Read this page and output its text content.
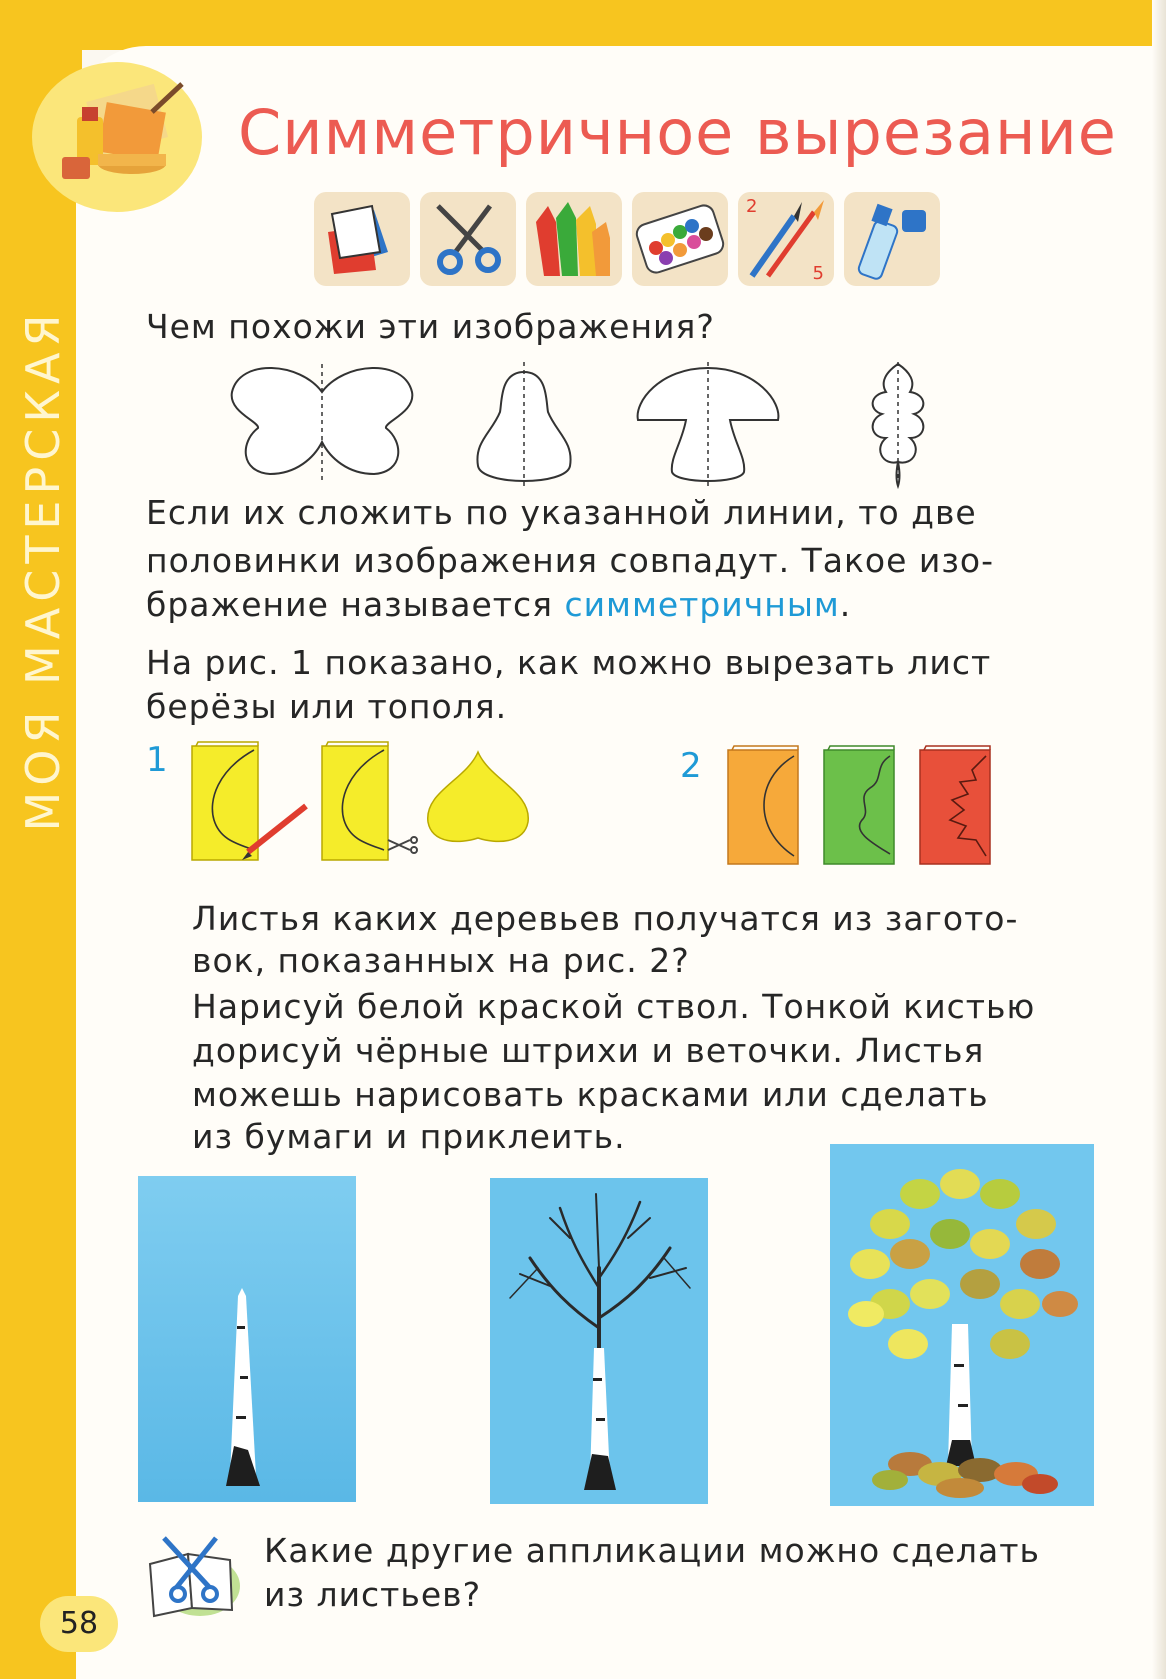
МОЯ МАСТЕРСКАЯ
Симметричное вырезание
2
5

Чем похожи эти изображения?

Если их сложить по указанной линии, то две

половинки изображения совпадут. Такое изо-

бражение называется симметричным.

На рис. 1 показано, как можно вырезать лист

берёзы или тополя.

1	2

Листья каких деревьев получатся из загото-

вок, показанных на рис. 2?

Нарисуй белой краской ствол. Тонкой кистью

дорисуй чёрные штрихи и веточки. Листья

можешь нарисовать красками или сделать

из бумаги и приклеить.

Какие другие аппликации можно сделать

из листьев?

58
